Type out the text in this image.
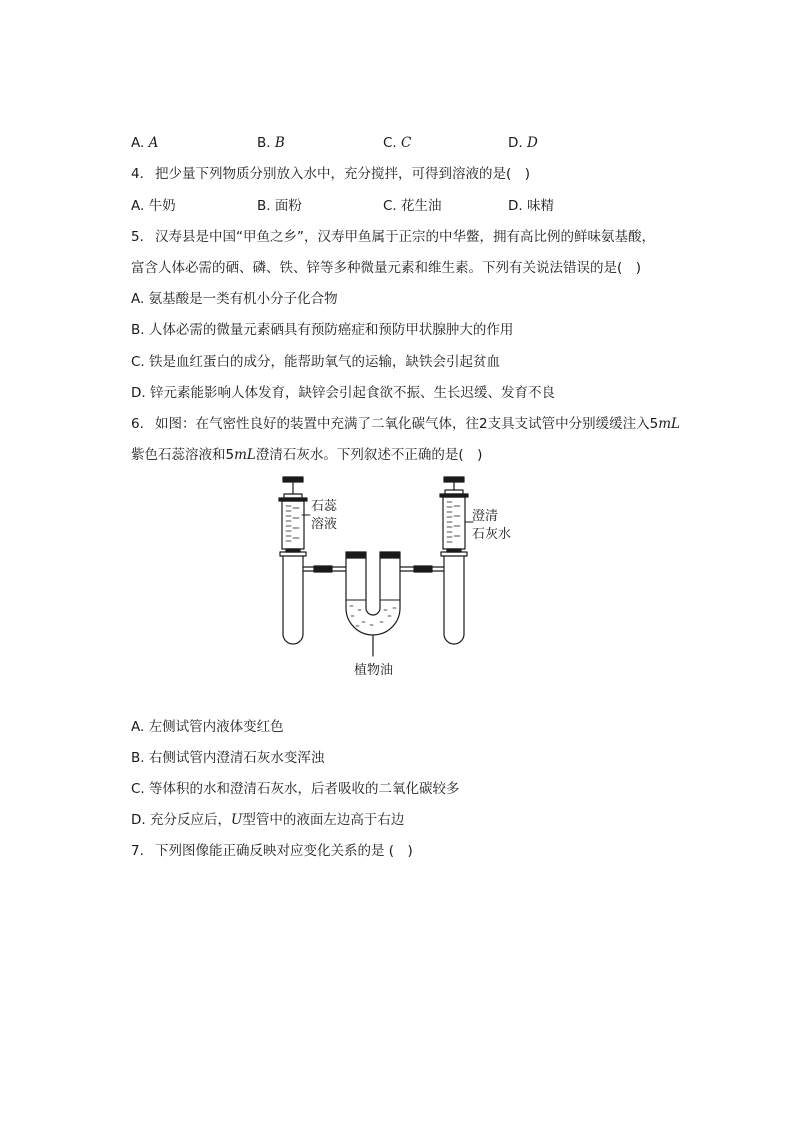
A. A	B. B	C. C	D. D
4. 把少量下列物质分别放入水中，充分搅拌，可得到溶液的是(　)
A. 牛奶	B. 面粉	C. 花生油	D. 味精
5. 汉寿县是中国“甲鱼之乡”，汉寿甲鱼属于正宗的中华鳖，拥有高比例的鲜味氨基酸，
富含人体必需的硒、磷、铁、锌等多种微量元素和维生素。下列有关说法错误的是(　)
A. 氨基酸是一类有机小分子化合物
B. 人体必需的微量元素硒具有预防癌症和预防甲状腺肿大的作用
C. 铁是血红蛋白的成分，能帮助氧气的运输，缺铁会引起贫血
D. 锌元素能影响人体发育，缺锌会引起食欲不振、生长迟缓、发育不良
6. 如图：在气密性良好的装置中充满了二氧化碳气体，往2支具支试管中分别缓缓注入5mL
紫色石蕊溶液和5mL澄清石灰水。下列叙述不正确的是(　)
石蕊
溶液
澄清
石灰水
植物油
A. 左侧试管内液体变红色
B. 右侧试管内澄清石灰水变浑浊
C. 等体积的水和澄清石灰水，后者吸收的二氧化碳较多
D. 充分反应后，U型管中的液面左边高于右边
7. 下列图像能正确反映对应变化关系的是 (　)
